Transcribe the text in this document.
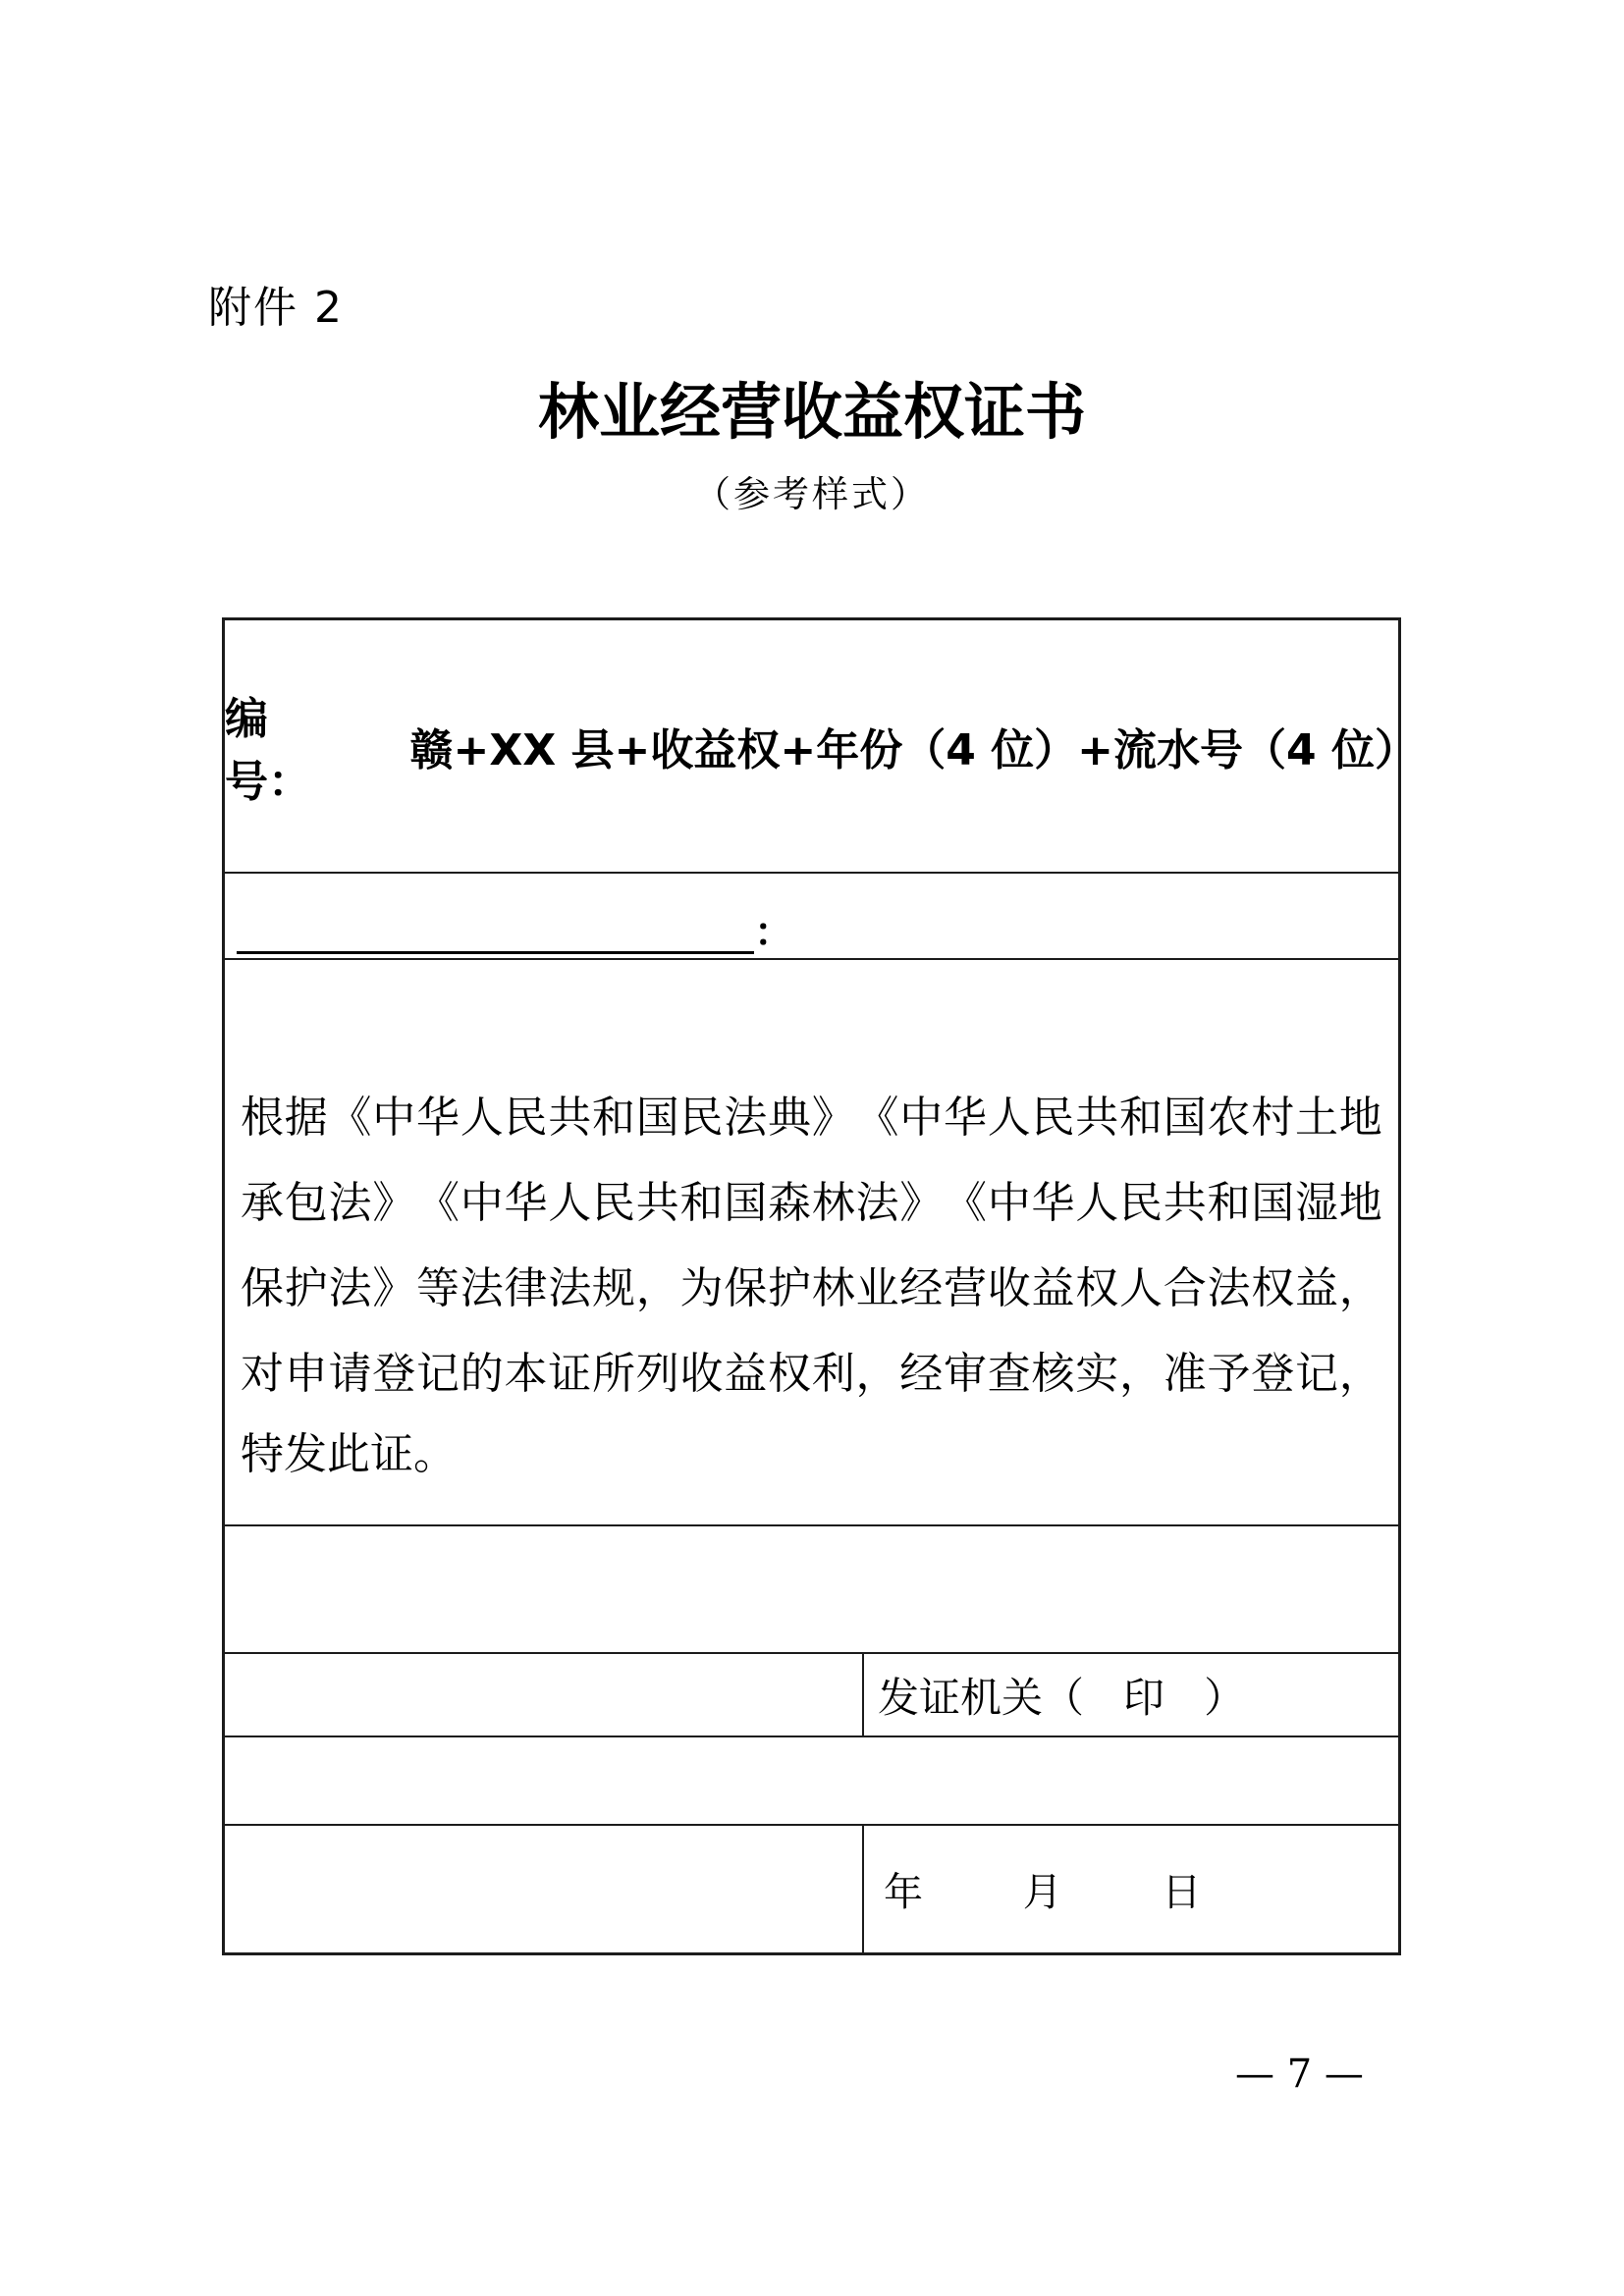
附件 2
林业经营收益权证书
（参考样式）
编 号：
赣+XX 县+收益权+年份（4 位）+流水号（4 位）
：
根 据 《 中 华 人 民 共 和 国 民 法 典 》 《 中 华 人 民 共 和 国 农 村 土 地
承 包 法 》 《 中 华 人 民 共 和 国 森 林 法 》 《 中 华 人 民 共 和 国 湿 地
保 护 法 》 等 法 律 法 规 ， 为 保 护 林 业 经 营 收 益 权 人 合 法 权 益 ，
对 申 请 登 记 的 本 证 所 列 收 益 权 利 ， 经 审 查 核 实 ， 准 予 登 记 ，
特发此证。
发证机关（   印   ）
年        月        日
— 7 —
